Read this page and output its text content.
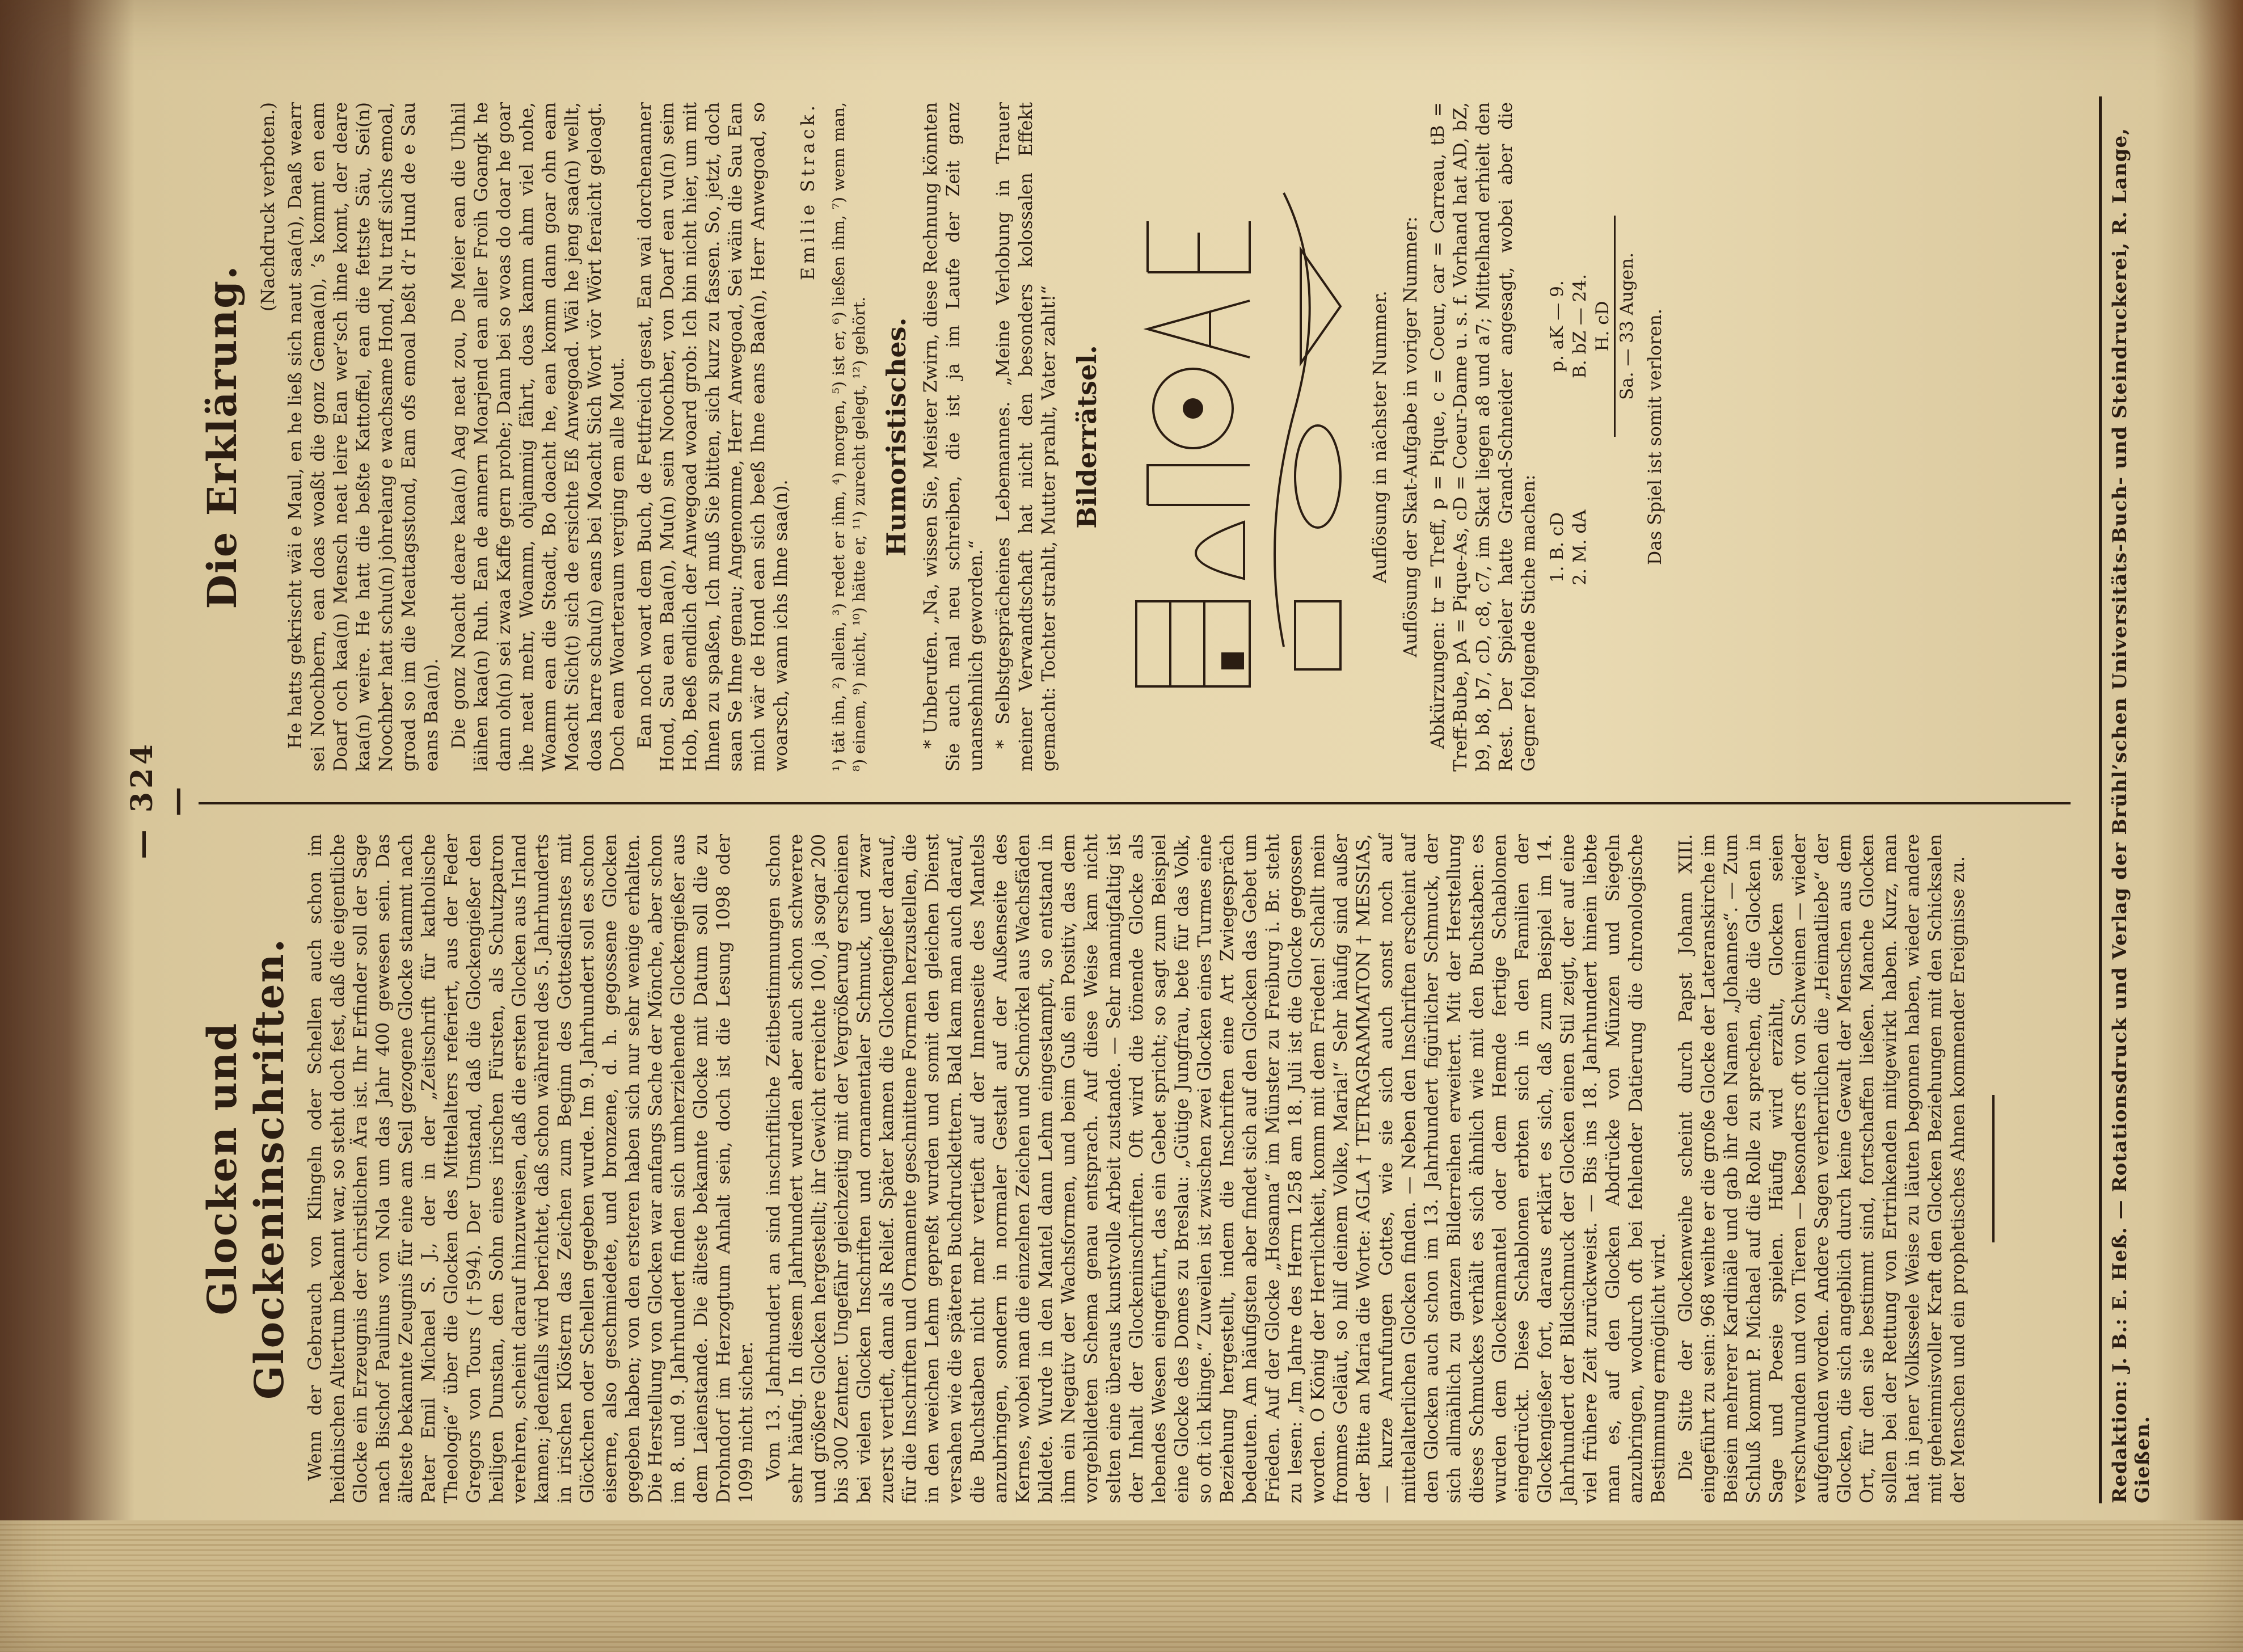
— 324 —
Glocken und Glockeninschriften. Wenn der Gebrauch von Klingeln oder Schellen auch schon im heidnischen Altertum bekannt war, so steht doch fest, daß die eigentliche Glocke ein Erzeugnis der christlichen Ära ist. Ihr Erfinder soll der Sage nach Bischof Paulinus von Nola um das Jahr 400 gewesen sein. Das älteste bekannte Zeugnis für eine am Seil gezogene Glocke stammt nach Pater Emil Michael S. J., der in der „Zeitschrift für katholische Theologie“ über die Glocken des Mittelalters referiert, aus der Feder Gregors von Tours (†594). Der Umstand, daß die Glockengießer den heiligen Dunstan, den Sohn eines irischen Fürsten, als Schutzpatron verehren, scheint darauf hinzuweisen, daß die ersten Glocken aus Irland kamen; jedenfalls wird berichtet, daß schon während des 5. Jahrhunderts in irischen Klöstern das Zeichen zum Beginn des Gottesdienstes mit Glöckchen oder Schellen gegeben wurde. Im 9. Jahrhundert soll es schon eiserne, also geschmiedete, und bronzene, d. h. gegossene Glocken gegeben haben; von den ersteren haben sich nur sehr wenige erhalten. Die Herstellung von Glocken war anfangs Sache der Mönche, aber schon im 8. und 9. Jahrhundert finden sich umherziehende Glockengießer aus dem Laienstande. Die älteste bekannte Glocke mit Datum soll die zu Drohndorf im Herzogtum Anhalt sein, doch ist die Lesung 1098 oder 1099 nicht sicher. Vom 13. Jahrhundert an sind inschriftliche Zeitbestimmungen schon sehr häufig. In diesem Jahrhundert wurden aber auch schon schwerere und größere Glocken hergestellt; ihr Gewicht erreichte 100, ja sogar 200 bis 300 Zentner. Ungefähr gleichzeitig mit der Vergrößerung erscheinen bei vielen Glocken Inschriften und ornamentaler Schmuck, und zwar zuerst vertieft, dann als Relief. Später kamen die Glockengießer darauf, für die Inschriften und Ornamente geschnittene Formen herzustellen, die in den weichen Lehm gepreßt wurden und somit den gleichen Dienst versahen wie die späteren Buchdrucklettern. Bald kam man auch darauf, die Buchstaben nicht mehr vertieft auf der Innenseite des Mantels anzubringen, sondern in normaler Gestalt auf der Außenseite des Kernes, wobei man die einzelnen Zeichen und Schnörkel aus Wachsfäden bildete. Wurde in den Mantel dann Lehm eingestampft, so entstand in ihm ein Negativ der Wachsformen, und beim Guß ein Positiv, das dem vorgebildeten Schema genau entsprach. Auf diese Weise kam nicht selten eine überaus kunstvolle Arbeit zustande. — Sehr mannigfaltig ist der Inhalt der Glockeninschriften. Oft wird die tönende Glocke als lebendes Wesen eingeführt, das ein Gebet spricht; so sagt zum Beispiel eine Glocke des Domes zu Breslau: „Gütige Jungfrau, bete für das Volk, so oft ich klinge.“ Zuweilen ist zwischen zwei Glocken eines Turmes eine Beziehung hergestellt, indem die Inschriften eine Art Zwiegespräch bedeuten. Am häufigsten aber findet sich auf den Glocken das Gebet um Frieden. Auf der Glocke „Hosanna“ im Münster zu Freiburg i. Br. steht zu lesen: „Im Jahre des Herrn 1258 am 18. Juli ist die Glocke gegossen worden. O König der Herrlichkeit, komm mit dem Frieden! Schallt mein frommes Geläut, so hilf deinem Volke, Maria!“ Sehr häufig sind außer der Bitte an Maria die Worte: AGLA † TETRAGRAMMATON † MESSIAS, — kurze Anrufungen Gottes, wie sie sich auch sonst noch auf mittelalterlichen Glocken finden. — Neben den Inschriften erscheint auf den Glocken auch schon im 13. Jahrhundert figürlicher Schmuck, der sich allmählich zu ganzen Bilderreihen erweitert. Mit der Herstellung dieses Schmuckes verhält es sich ähnlich wie mit den Buchstaben: es wurden dem Glockenmantel oder dem Hemde fertige Schablonen eingedrückt. Diese Schablonen erbten sich in den Familien der Glockengießer fort, daraus erklärt es sich, daß zum Beispiel im 14. Jahrhundert der Bildschmuck der Glocken einen Stil zeigt, der auf eine viel frühere Zeit zurückweist. — Bis ins 18. Jahrhundert hinein liebte man es, auf den Glocken Abdrücke von Münzen und Siegeln anzubringen, wodurch oft bei fehlender Datierung die chronologische Bestimmung ermöglicht wird. Die Sitte der Glockenweihe scheint durch Papst Johann XIII. eingeführt zu sein: 968 weihte er die große Glocke der Lateranskirche im Beisein mehrerer Kardinäle und gab ihr den Namen „Johannes“. — Zum Schluß kommt P. Michael auf die Rolle zu sprechen, die die Glocken in Sage und Poesie spielen. Häufig wird erzählt, Glocken seien verschwunden und von Tieren — besonders oft von Schweinen — wieder aufgefunden worden. Andere Sagen verherrlichen die „Heimatliebe“ der Glocken, die sich angeblich durch keine Gewalt der Menschen aus dem Ort, für den sie bestimmt sind, fortschaffen ließen. Manche Glocken sollen bei der Rettung von Ertrinkenden mitgewirkt haben. Kurz, man hat in jener Volksseele Weise zu läuten begonnen haben, wieder andere mit geheimnisvoller Kraft den Glocken Beziehungen mit den Schicksalen der Menschen und ein prophetisches Ahnen kommender Ereignisse zu.

Die Erklärung.
(Nachdruck verboten.) He hatts gekrischt wäi e Maul, en he ließ sich naut saa(n), Daaß wearr sei Noochbern, ean doas woaßt die gonz Gemaa(n), ’s kommt en eam Doarf och kaa(n) Mensch neat leire Ean wer’sch ihne komt, der deare kaa(n) weire. He hatt die beßte Kattoffel, ean die fettste Säu, Sei(n) Noochber hatt schu(n) johrelang e wachsame Hond, Nu traff sichs emoal, groad so im die Meattagsstond, Eam ofs emoal beßt d’r Hund de e Sau eans Baa(n). Die gonz Noacht deare kaa(n) Aag neat zou, De Meier ean die Uhhil läihen kaa(n) Ruh. Ean de annern Moarjend ean aller Froih Goangk he dann oh(n) sei zwaa Kaffe gern prohe; Dann bei so woas do doar he goar ihe neat mehr, Woamm, ohjammig fährt, doas kamm ahm viel nohe, Woamm ean die Stoadt, Bo doacht he, ean komm dann goar ohn eam Moacht Sich(t) sich de ersichte Eß Anwegoad. Wäi he jeng saa(n) wellt, doas harre schu(n) eans bei Moacht Sich Wort vör Wört feraicht geloagt. Doch eam Woarteraum verging em alle Mout. Ean noch woart dem Buch, de Fettfreich gesat, Ean wai dorchenanner Hond, Sau ean Baa(n), Mu(n) sein Noochber, von Doarf ean vu(n) seim Hob, Beeß endlich der Anwegoad woard grob: Ich bin nicht hier, um mit Ihnen zu spaßen, Ich muß Sie bitten, sich kurz zu fassen. So, jetzt, doch saan Se Ihne genau; Angenomme, Herr Anwegoad, Sei wäin die Sau Ean mich wär de Hond ean sich beeß Ihne eans Baa(n), Herr Anwegoad, so woarsch, wann ichs Ihne saa(n).

Emilie Strack. ¹) tät ihn, ²) allein, ³) redet er ihm, ⁴) morgen, ⁵) ist er, ⁶) ließen ihm, ⁷) wenn man, ⁸) einem, ⁹) nicht, ¹⁰) hätte er, ¹¹) zurecht gelegt, ¹²) gehört. Humoristisches. * Unberufen. „Na, wissen Sie, Meister Zwirn, diese Rechnung könnten Sie auch mal neu schreiben, die ist ja im Laufe der Zeit ganz unansehnlich geworden.“ * Selbstgesprächeines Lebemannes. „Meine Verlobung in Trauer meiner Verwandtschaft hat nicht den besonders kolossalen Effekt gemacht: Tochter strahlt, Mutter prahlt, Vater zahlt!“ Bilderrätsel.	Auflösung in nächster Nummer. Auflösung der Skat-Aufgabe in voriger Nummer: Abkürzungen: tr = Treff, p = Pique, c = Coeur, car = Carreau, tB = Treff-Bube, pA = Pique-As, cD = Coeur-Dame u. s. f. Vorhand hat AD, bZ, b9, b8, b7, cD, c8, c7, im Skat liegen a8 und a7; Mittelhand erhielt den Rest. Der Spieler hatte Grand-Schneider angesagt, wobei aber die Gegner folgende Stiche machen: 1. B. cD
p. aK — 9.
2. M. dA
B. bZ — 24. H. cD Sa. — 33 Augen. Das Spiel ist somit verloren.	Redaktion: J. B.: E. Heß. — Rotationsdruck und Verlag der Brühl’schen Universitäts-Buch- und Steindruckerei, R. Lange, Gießen.
